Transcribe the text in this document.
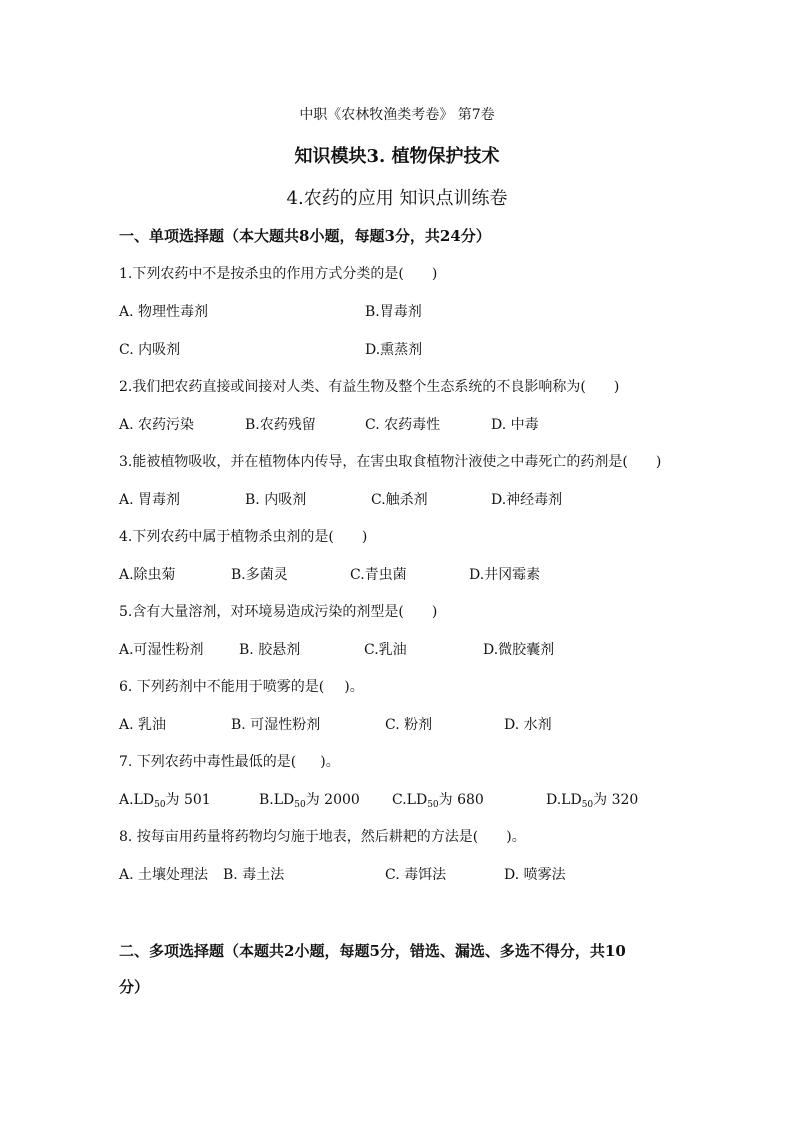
中职《农林牧渔类考卷》 第7卷
知识模块3. 植物保护技术
4.农药的应用 知识点训练卷
一、单项选择题（本大题共8小题，每题3分，共24分）
1.下列农药中不是按杀虫的作用方式分类的是( )
A. 物理性毒剂	B.胃毒剂
C. 内吸剂	D.熏蒸剂
2.我们把农药直接或间接对人类、有益生物及整个生态系统的不良影响称为( )
A. 农药污染	B.农药残留	C. 农药毒性	D. 中毒
3.能被植物吸收，并在植物体内传导，在害虫取食植物汁液使之中毒死亡的药剂是( )
A. 胃毒剂	B. 内吸剂	C.触杀剂	D.神经毒剂
4.下列农药中属于植物杀虫剂的是( )
A.除虫菊	B.多菌灵	C.青虫菌	D.井冈霉素
5.含有大量溶剂，对环境易造成污染的剂型是( )
A.可湿性粉剂	B. 胶悬剂	C.乳油	D.微胶囊剂
6. 下列药剂中不能用于喷雾的是( )。
A. 乳油	B. 可湿性粉剂	C. 粉剂	D. 水剂
7. 下列农药中毒性最低的是( )。
$A.LD_{50}$为 501	$B.LD_{50}$为 2000 $C.LD_{50}$为 680	$D.LD_{50}$为 320
8. 按每亩用药量将药物均匀施于地表，然后耕耙的方法是( )。
A. 土壤处理法 B. 毒土法	C. 毒饵法	D. 喷雾法
二、多项选择题（本题共2小题，每题5分，错选、漏选、多选不得分，共10
分）
